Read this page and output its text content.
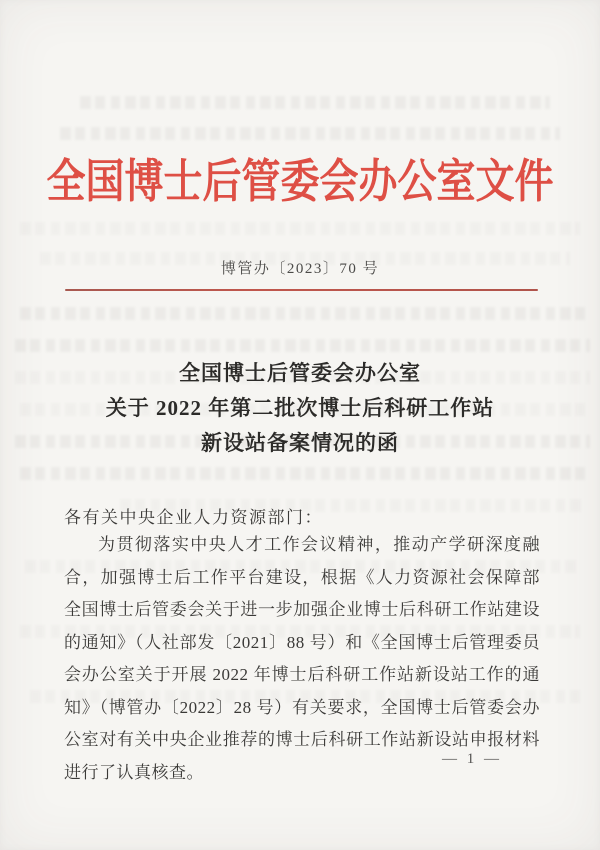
全国博士后管委会办公室文件
博管办〔2023〕70 号
全国博士后管委会办公室
关于 2022 年第二批次博士后科研工作站
新设站备案情况的函
各有关中央企业人力资源部门：

为贯彻落实中央人才工作会议精神，推动产学研深度融合，加强博士后工作平台建设，根据《人力资源社会保障部 全国博士后管委会关于进一步加强企业博士后科研工作站建设的通知》（人社部发〔2021〕88 号）和《全国博士后管理委员会办公室关于开展 2022 年博士后科研工作站新设站工作的通知》（博管办〔2022〕28 号）有关要求，全国博士后管委会办公室对有关中央企业推荐的博士后科研工作站新设站申报材料进行了认真核查。

— 1 —
